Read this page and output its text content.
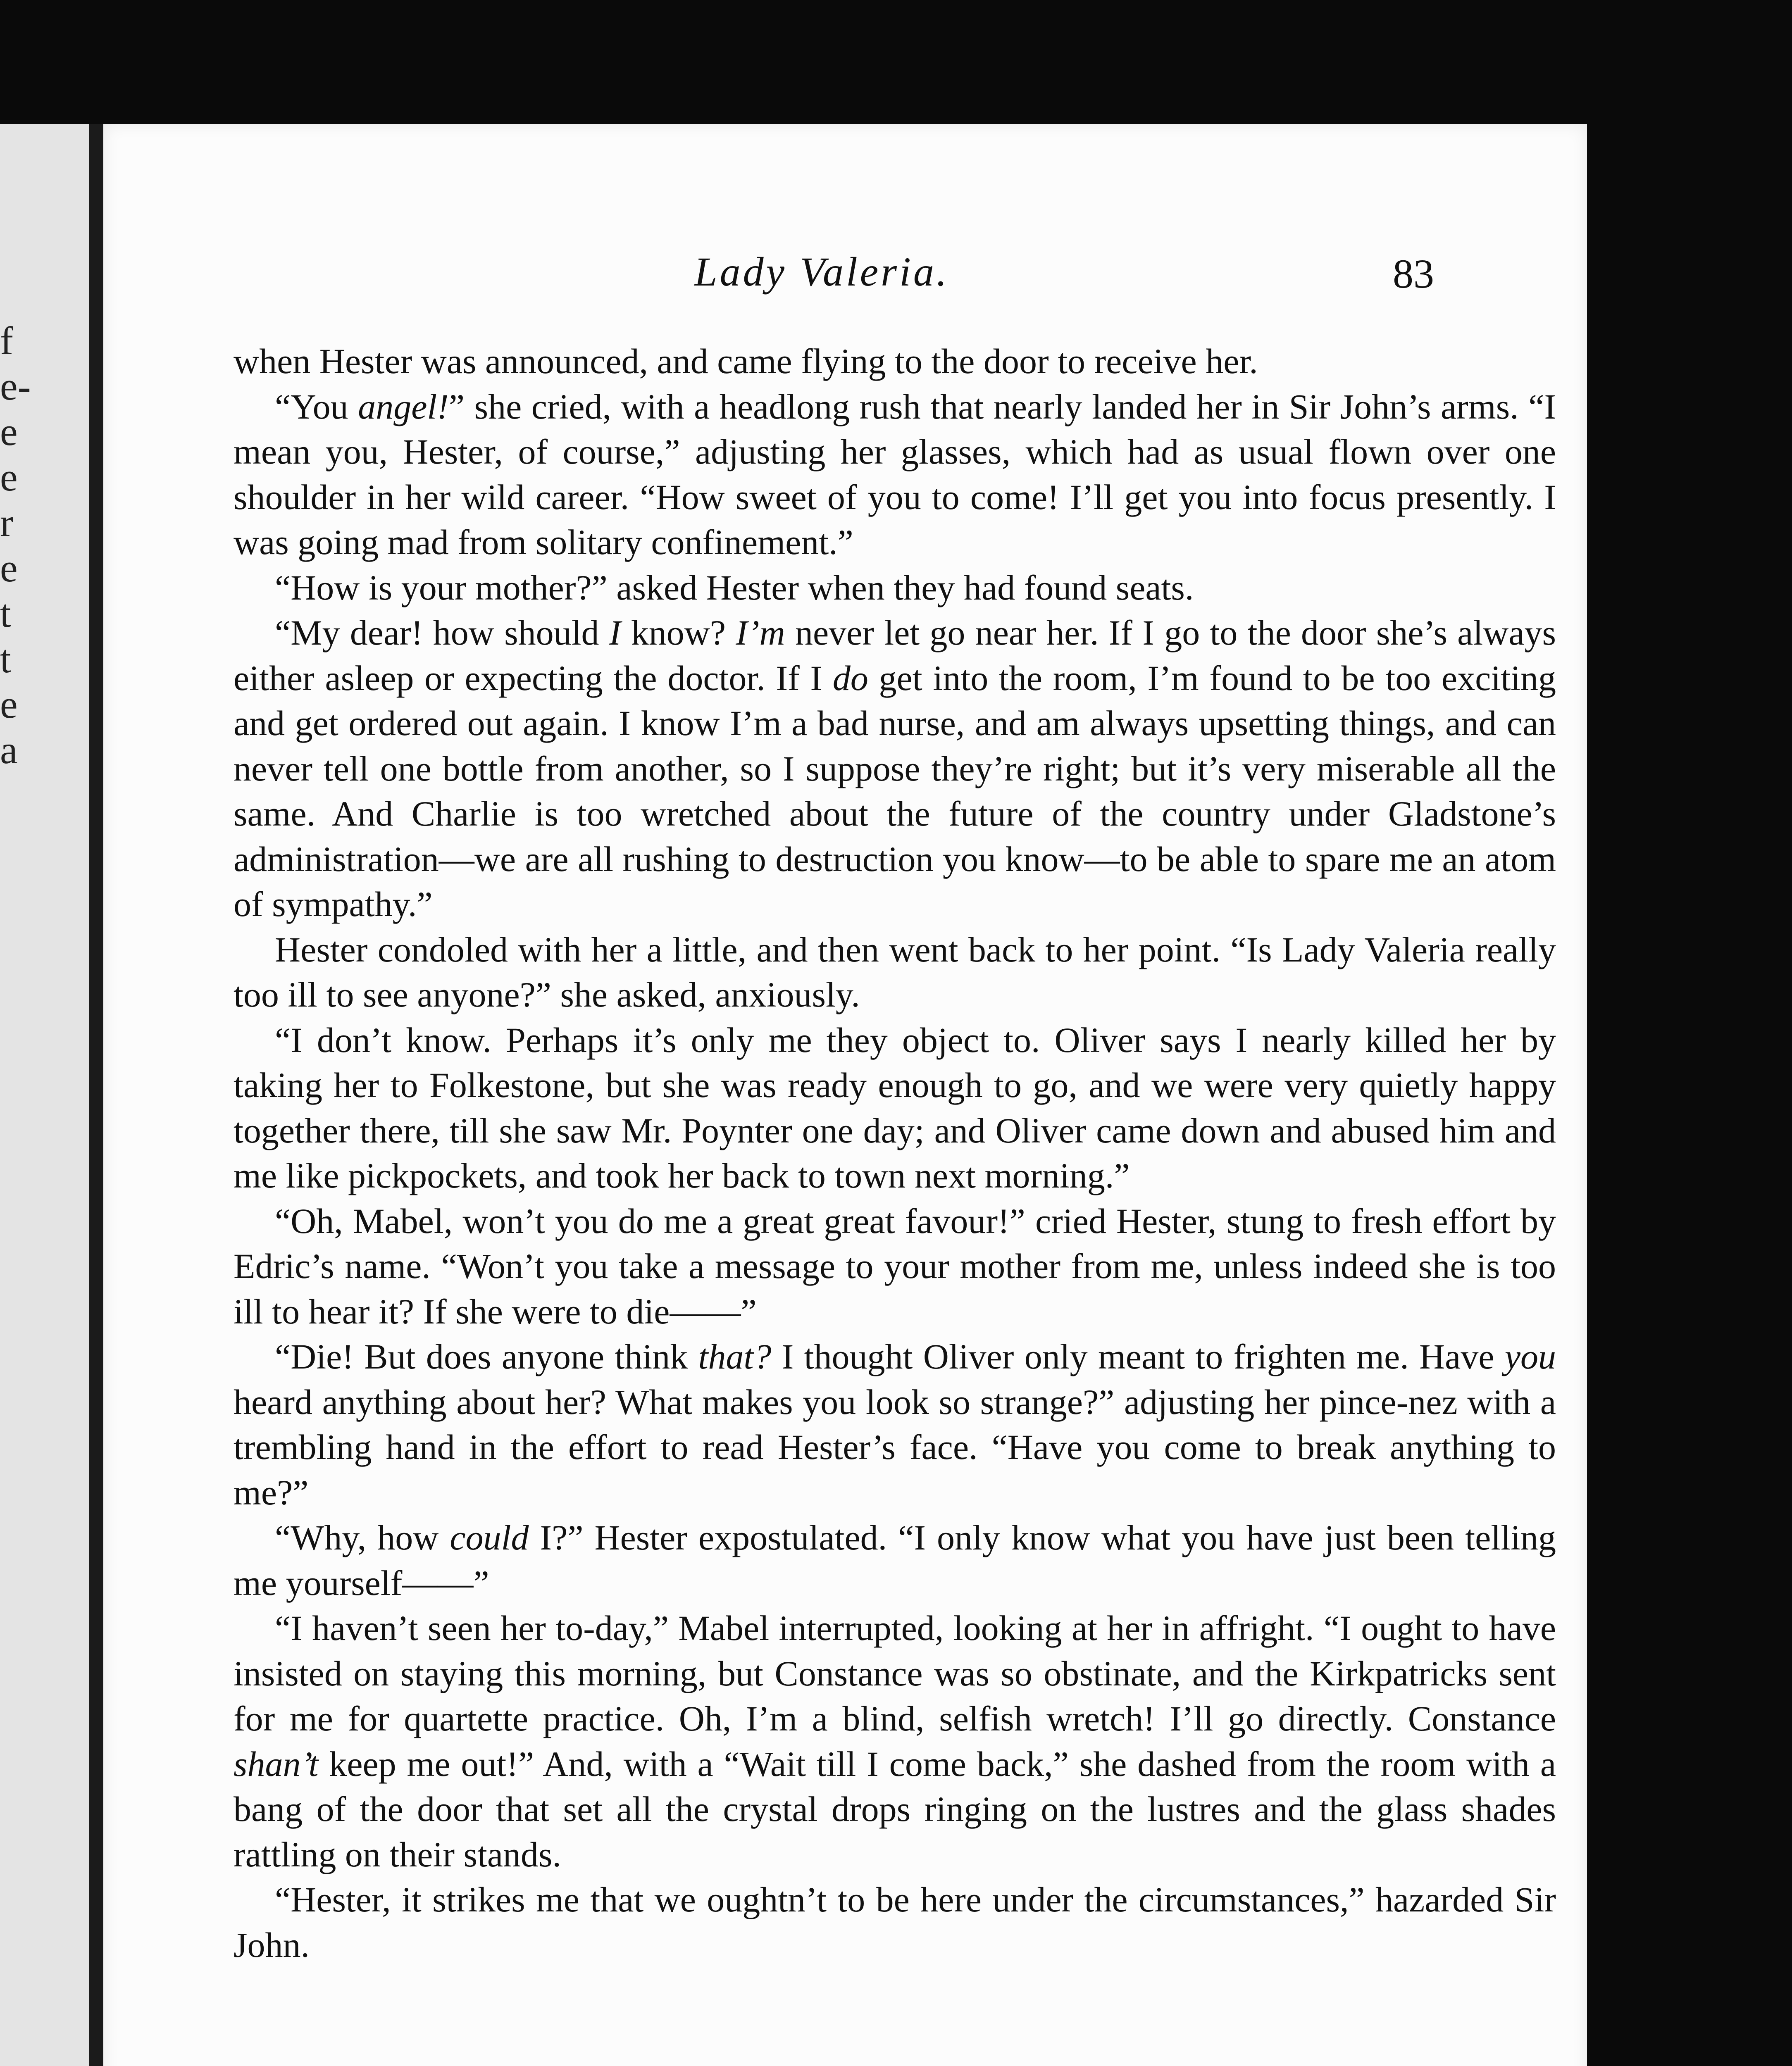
f
e-
e
e
r
e
t
t
e
a
Lady Valeria.	83

when Hester was announced, and came flying to the door to receive her.

“You angel!” she cried, with a headlong rush that nearly landed her in Sir John’s arms. “I mean you, Hester, of course,” adjusting her glasses, which had as usual flown over one shoulder in her wild career. “How sweet of you to come! I’ll get you into focus presently. I was going mad from solitary confinement.”

“How is your mother?” asked Hester when they had found seats.

“My dear! how should I know? I’m never let go near her. If I go to the door she’s always either asleep or expecting the doctor. If I do get into the room, I’m found to be too exciting and get ordered out again. I know I’m a bad nurse, and am always upsetting things, and can never tell one bottle from another, so I suppose they’re right; but it’s very miserable all the same. And Charlie is too wretched about the future of the country under Gladstone’s administration—we are all rushing to destruction you know—to be able to spare me an atom of sympathy.”

Hester condoled with her a little, and then went back to her point. “Is Lady Valeria really too ill to see anyone?” she asked, anxiously.

“I don’t know. Perhaps it’s only me they object to. Oliver says I nearly killed her by taking her to Folkestone, but she was ready enough to go, and we were very quietly happy together there, till she saw Mr. Poynter one day; and Oliver came down and abused him and me like pickpockets, and took her back to town next morning.”

“Oh, Mabel, won’t you do me a great great favour!” cried Hester, stung to fresh effort by Edric’s name. “Won’t you take a message to your mother from me, unless indeed she is too ill to hear it? If she were to die——”

“Die! But does anyone think that? I thought Oliver only meant to frighten me. Have you heard anything about her? What makes you look so strange?” adjusting her pince-nez with a trembling hand in the effort to read Hester’s face. “Have you come to break anything to me?”

“Why, how could I?” Hester expostulated. “I only know what you have just been telling me yourself——”

“I haven’t seen her to-day,” Mabel interrupted, looking at her in affright. “I ought to have insisted on staying this morning, but Constance was so obstinate, and the Kirkpatricks sent for me for quartette practice. Oh, I’m a blind, selfish wretch! I’ll go directly. Constance shan’t keep me out!” And, with a “Wait till I come back,” she dashed from the room with a bang of the door that set all the crystal drops ringing on the lustres and the glass shades rattling on their stands.

“Hester, it strikes me that we oughtn’t to be here under the circumstances,” hazarded Sir John.
